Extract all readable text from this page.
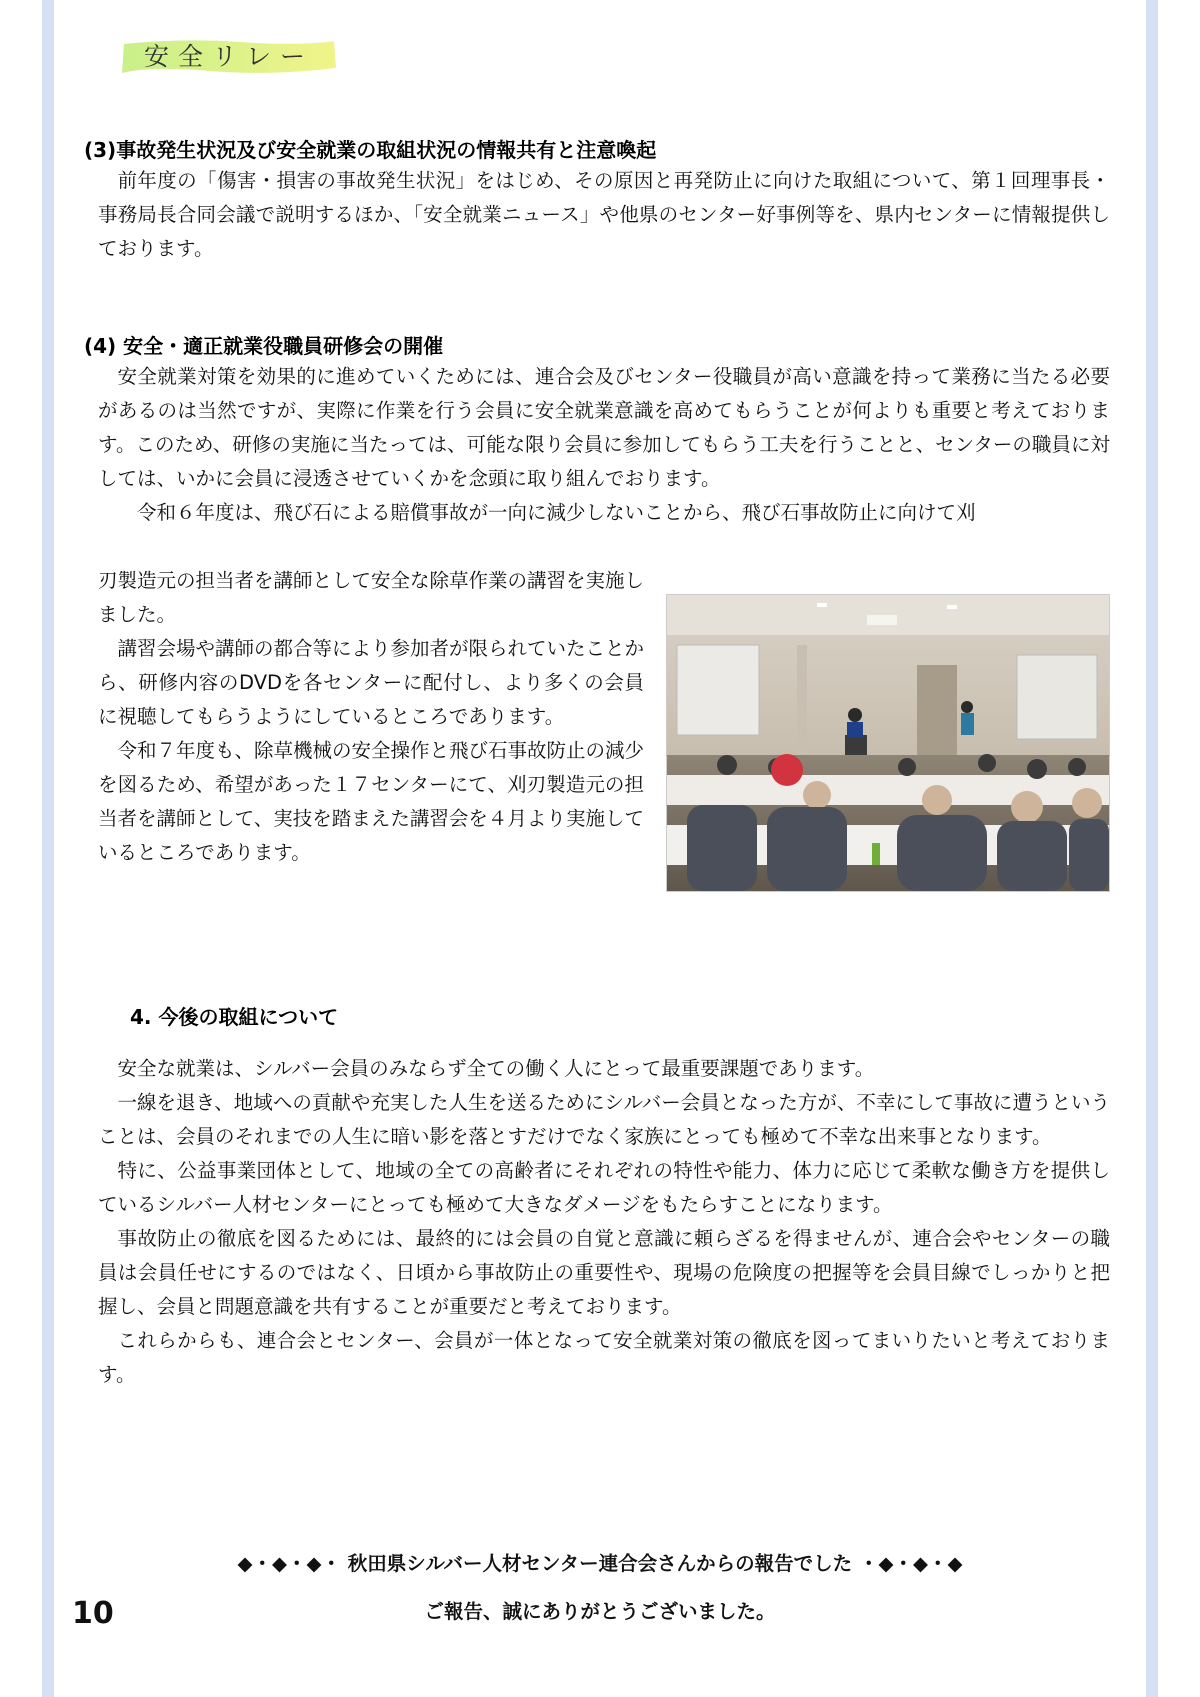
安全リレー
(3)事故発生状況及び安全就業の取組状況の情報共有と注意喚起

前年度の「傷害・損害の事故発生状況」をはじめ、その原因と再発防止に向けた取組について、第１回理事長・事務局長合同会議で説明するほか、「安全就業ニュース」や他県のセンター好事例等を、県内センターに情報提供しております。

(4) 安全・適正就業役職員研修会の開催

安全就業対策を効果的に進めていくためには、連合会及びセンター役職員が高い意識を持って業務に当たる必要があるのは当然ですが、実際に作業を行う会員に安全就業意識を高めてもらうことが何よりも重要と考えております。このため、研修の実施に当たっては、可能な限り会員に参加してもらう工夫を行うことと、センターの職員に対しては、いかに会員に浸透させていくかを念頭に取り組んでおります。

令和６年度は、飛び石による賠償事故が一向に減少しないことから、飛び石事故防止に向けて刈

刃製造元の担当者を講師として安全な除草作業の講習を実施しました。

講習会場や講師の都合等により参加者が限られていたことから、研修内容のDVDを各センターに配付し、より多くの会員に視聴してもらうようにしているところであります。

令和７年度も、除草機械の安全操作と飛び石事故防止の減少を図るため、希望があった１７センターにて、刈刃製造元の担当者を講師として、実技を踏まえた講習会を４月より実施しているところであります。

4. 今後の取組について

安全な就業は、シルバー会員のみならず全ての働く人にとって最重要課題であります。

一線を退き、地域への貢献や充実した人生を送るためにシルバー会員となった方が、不幸にして事故に遭うということは、会員のそれまでの人生に暗い影を落とすだけでなく家族にとっても極めて不幸な出来事となります。

特に、公益事業団体として、地域の全ての高齢者にそれぞれの特性や能力、体力に応じて柔軟な働き方を提供しているシルバー人材センターにとっても極めて大きなダメージをもたらすことになります。

事故防止の徹底を図るためには、最終的には会員の自覚と意識に頼らざるを得ませんが、連合会やセンターの職員は会員任せにするのではなく、日頃から事故防止の重要性や、現場の危険度の把握等を会員目線でしっかりと把握し、会員と問題意識を共有することが重要だと考えております。

これらからも、連合会とセンター、会員が一体となって安全就業対策の徹底を図ってまいりたいと考えております。

◆・◆・◆・ 秋田県シルバー人材センター連合会さんからの報告でした ・◆・◆・◆
ご報告、誠にありがとうございました。
10
